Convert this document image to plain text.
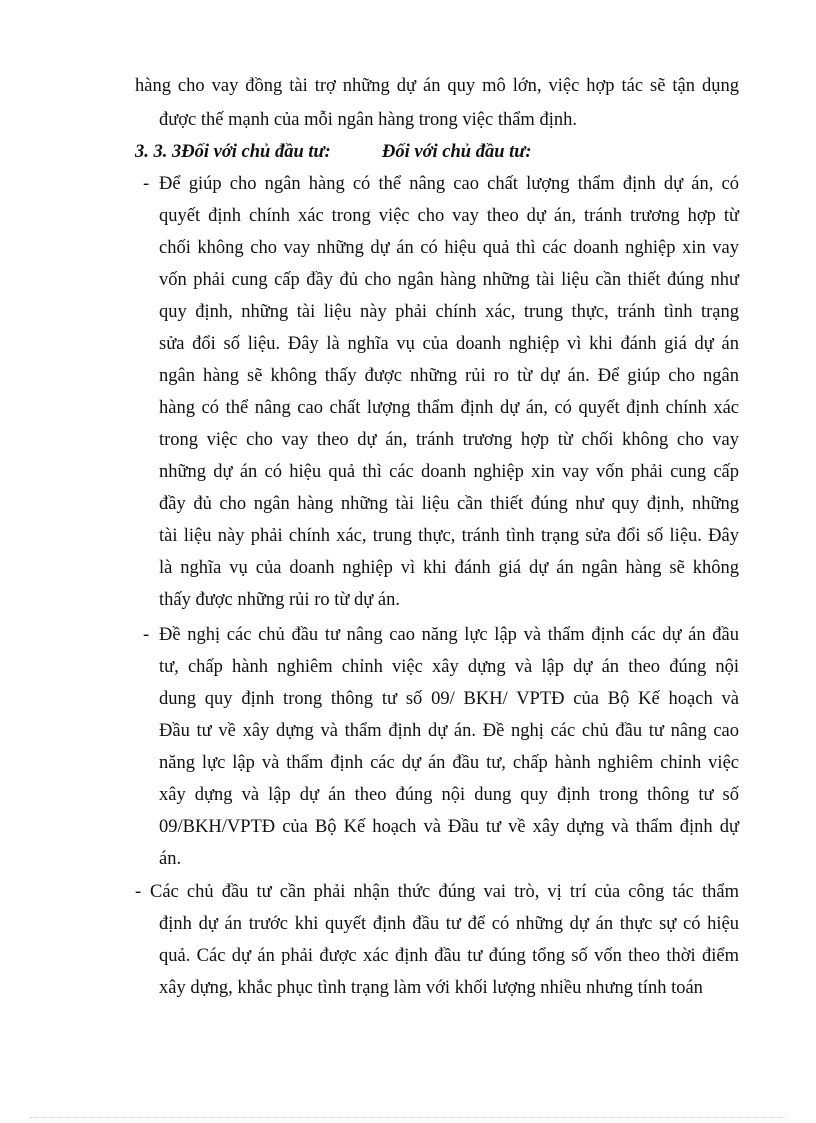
hàng cho vay đồng tài trợ những dự án quy mô lớn, việc hợp tác sẽ tận dụng
được thế mạnh của mỗi ngân hàng trong việc thẩm định.
3. 3. 3Đối với chủ đầu tư:	Đối với chủ đầu tư:
- Để giúp cho ngân hàng có thể nâng cao chất lượng thẩm định dự án, có
quyết định chính xác trong việc cho vay theo dự án, tránh trương hợp từ
chối không cho vay những dự án có hiệu quả thì các doanh nghiệp xin vay
vốn phải cung cấp đầy đủ cho ngân hàng những tài liệu cần thiết đúng như
quy định, những tài liệu này phải chính xác, trung thực, tránh tình trạng
sửa đổi số liệu. Đây là nghĩa vụ của doanh nghiệp vì khi đánh giá dự án
ngân hàng sẽ không thấy được những rủi ro từ dự án. Để giúp cho ngân
hàng có thể nâng cao chất lượng thẩm định dự án, có quyết định chính xác
trong việc cho vay theo dự án, tránh trương hợp từ chối không cho vay
những dự án có hiệu quả thì các doanh nghiệp xin vay vốn phải cung cấp
đầy đủ cho ngân hàng những tài liệu cần thiết đúng như quy định, những
tài liệu này phải chính xác, trung thực, tránh tình trạng sửa đổi số liệu. Đây
là nghĩa vụ của doanh nghiệp vì khi đánh giá dự án ngân hàng sẽ không
thấy được những rủi ro từ dự án.
- Đề nghị các chủ đầu tư nâng cao năng lực lập và thẩm định các dự án đầu
tư, chấp hành nghiêm chỉnh việc xây dựng và lập dự án theo đúng nội
dung quy định trong thông tư số 09/ BKH/ VPTĐ của Bộ Kế hoạch và
Đầu tư về xây dựng và thẩm định dự án. Đề nghị các chủ đầu tư nâng cao
năng lực lập và thẩm định các dự án đầu tư, chấp hành nghiêm chỉnh việc
xây dựng và lập dự án theo đúng nội dung quy định trong thông tư số
09/BKH/VPTĐ của Bộ Kế hoạch và Đầu tư về xây dựng và thẩm định dự
án.
- Các chủ đầu tư cần phải nhận thức đúng vai trò, vị trí của công tác thẩm
định dự án trước khi quyết định đầu tư để có những dự án thực sự có hiệu
quả. Các dự án phải được xác định đầu tư đúng tổng số vốn theo thời điểm
xây dựng, khắc phục tình trạng làm với khối lượng nhiều nhưng tính toán
